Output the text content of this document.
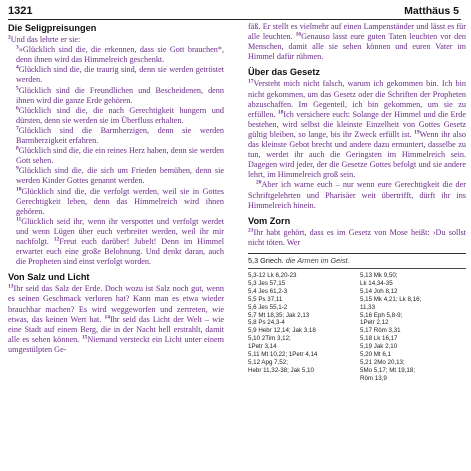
1321	Matthäus 5
Die Seligpreisungen

$^2$Und das lehrte er sie:

$^3$»Glücklich sind die, die erkennen, dass sie Gott brauchen*, denn ihnen wird das Himmelreich geschenkt.

$^4$Glücklich sind die, die traurig sind, denn sie werden getröstet werden.

$^5$Glücklich sind die Freundlichen und Bescheidenen, denn ihnen wird die ganze Erde gehören.

$^6$Glücklich sind die, die nach Gerechtigkeit hungern und dürsten, denn sie werden sie im Überfluss erhalten.

$^7$Glücklich sind die Barmherzigen, denn sie werden Barmherzigkeit erfahren.

$^8$Glücklich sind die, die ein reines Herz haben, denn sie werden Gott sehen.

$^9$Glücklich sind die, die sich um Frieden bemühen, denn sie werden Kinder Gottes genannt werden.

$^{10}$Glücklich sind die, die verfolgt werden, weil sie in Gottes Gerechtigkeit leben, denn das Himmelreich wird ihnen gehören.

$^{11}$Glücklich seid ihr, wenn ihr verspottet und verfolgt werdet und wenn Lügen über euch verbreitet werden, weil ihr mir nachfolgt. $^{12}$Freut euch darüber! Jubelt! Denn im Himmel erwartet euch eine große Belohnung. Und denkt daran, auch die Propheten sind einst verfolgt worden.

Von Salz und Licht

$^{13}$Ihr seid das Salz der Erde. Doch wozu ist Salz noch gut, wenn es seinen Geschmack verloren hat? Kann man es etwa wieder brauchbar machen? Es wird weggeworfen und zertreten, wie etwas, das keinen Wert hat. $^{14}$Ihr seid das Licht der Welt – wie eine Stadt auf einem Berg, die in der Nacht hell erstrahlt, damit alle es sehen können. $^{15}$Niemand versteckt ein Licht unter einem umgestülpten Ge-

fäß. Er stellt es vielmehr auf einen Lampenständer und lässt es für alle leuchten. $^{16}$Genauso lasst eure guten Taten leuchten vor den Menschen, damit alle sie sehen können und euren Vater im Himmel dafür rühmen.

Über das Gesetz

$^{17}$Versteht mich nicht falsch, warum ich gekommen bin. Ich bin nicht gekommen, um das Gesetz oder die Schriften der Propheten abzuschaffen. Im Gegenteil, ich bin gekommen, um sie zu erfüllen. $^{18}$Ich versichere euch: Solange der Himmel und die Erde bestehen, wird selbst die kleinste Einzelheit von Gottes Gesetz gültig bleiben, so lange, bis ihr Zweck erfüllt ist. $^{19}$Wenn ihr also das kleinste Gebot brecht und andere dazu ermuntert, dasselbe zu tun, werdet ihr auch die Geringsten im Himmelreich sein. Dagegen wird jeder, der die Gesetze Gottes befolgt und sie andere lehrt, im Himmelreich groß sein.

$^{20}$Aber ich warne euch – nur wenn eure Gerechtigkeit die der Schriftgelehrten und Pharisäer weit übertrifft, dürft ihr ins Himmelreich hinein.

Vom Zorn

$^{21}$Ihr habt gehört, dass es im Gesetz von Mose heißt: ›Du sollst nicht töten. Wer

5,3 Griech. die Armen im Geist.
5,3-12 Lk 6,20-23
5,3 Jes 57,15
5,4 Jes 61,2-3
5,5 Ps 37,11
5,6 Jes 55,1-2
5,7 Mt 18,35; Jak 2,13
5,8 Ps 24,3-4
5,9 Hebr 12,14; Jak 3,18
5,10 2Tim 3,12;
1Petr 3,14
5,11 Mt 10,22; 1Petr 4,14
5,12 Apg 7,52;
Hebr 11,32-38; Jak 5,10
5,13 Mk 9,50;
Lk 14,34-35
5,14 Joh 8,12
5,15 Mk 4,21; Lk 8,16;
11,33
5,16 Eph 5,8-9;
1Petr 2,12
5,17 Röm 3,31
5,18 Lk 16,17
5,19 Jak 2,10
5,20 Mt 6,1
5,21 2Mo 20,13;
5Mo 5,17; Mt 19,18;
Röm 13,9
